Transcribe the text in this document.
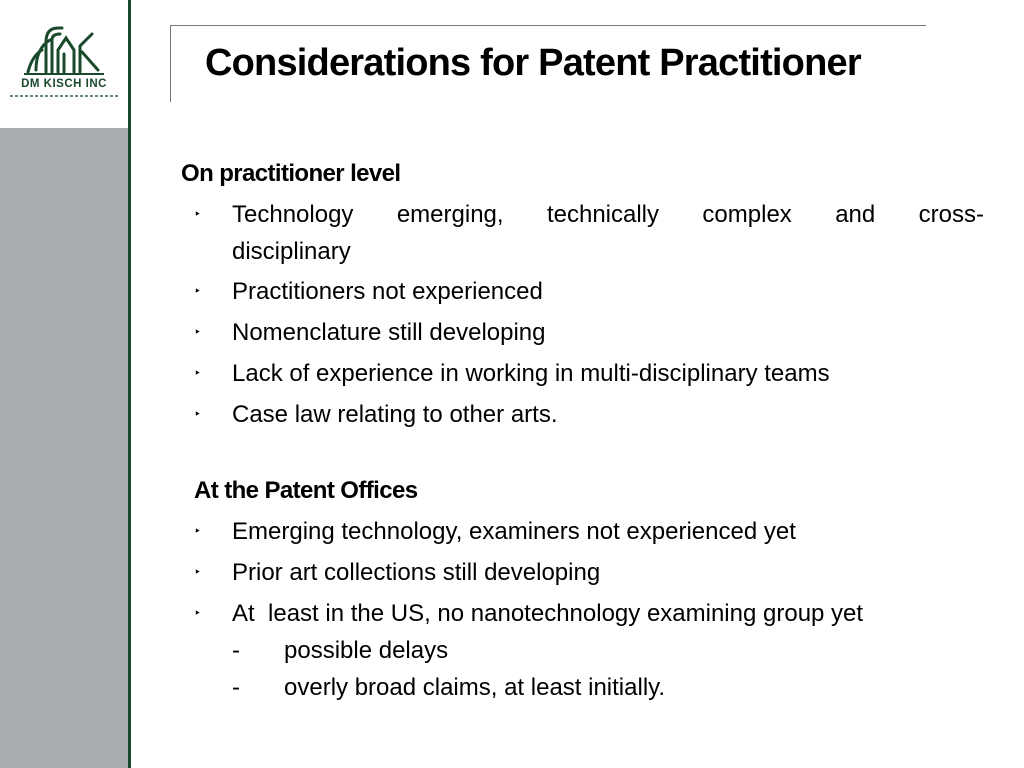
DM KISCH INC	Considerations for Patent Practitioner
On practitioner level
‣ Technology emerging, technically complex and cross-
disciplinary
‣ Practitioners not experienced
‣ Nomenclature still developing
‣ Lack of experience in working in multi-disciplinary teams
‣ Case law relating to other arts.
At the Patent Offices
‣ Emerging technology, examiners not experienced yet
‣ Prior art collections still developing
‣ At  least in the US, no nanotechnology examining group yet
- possible delays
- overly broad claims, at least initially.
